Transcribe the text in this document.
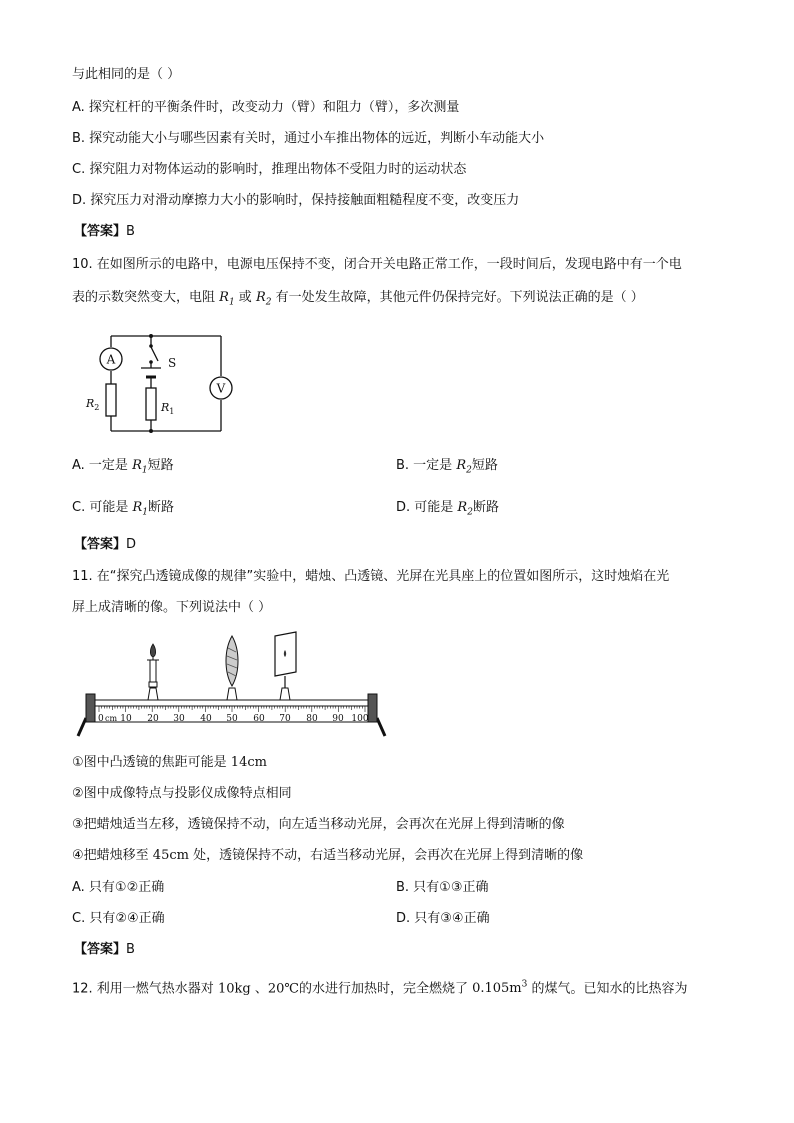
与此相同的是（ ）
A. 探究杠杆的平衡条件时，改变动力（臂）和阻力（臂），多次测量
B. 探究动能大小与哪些因素有关时，通过小车推出物体的远近，判断小车动能大小
C. 探究阻力对物体运动的影响时，推理出物体不受阻力时的运动状态
D. 探究压力对滑动摩擦力大小的影响时，保持接触面粗糙程度不变，改变压力
【答案】B
10. 在如图所示的电路中，电源电压保持不变，闭合开关电路正常工作，一段时间后，发现电路中有一个电
表的示数突然变大，电阻 $R_1$ 或 $R_2$ 有一处发生故障，其他元件仍保持完好。下列说法正确的是（ ）
A
V
S
$R_2$	$R_1$
A. 一定是 $R_1$短路	B. 一定是 $R_2$短路
C. 可能是 $R_1$断路	D. 可能是 $R_2$断路
【答案】D
11. 在“探究凸透镜成像的规律”实验中，蜡烛、凸透镜、光屏在光具座上的位置如图所示，这时烛焰在光
屏上成清晰的像。下列说法中（ ）
0 cm 10 20 30 40 50 60 70 80 90 100
①图中凸透镜的焦距可能是 14cm
②图中成像特点与投影仪成像特点相同
③把蜡烛适当左移，透镜保持不动，向左适当移动光屏，会再次在光屏上得到清晰的像
④把蜡烛移至 45cm 处，透镜保持不动，右适当移动光屏，会再次在光屏上得到清晰的像
A. 只有①②正确	B. 只有①③正确
C. 只有②④正确	D. 只有③④正确
【答案】B
12. 利用一燃气热水器对 10kg 、20℃的水进行加热时，完全燃烧了 $0.105m^3$ 的煤气。已知水的比热容为
